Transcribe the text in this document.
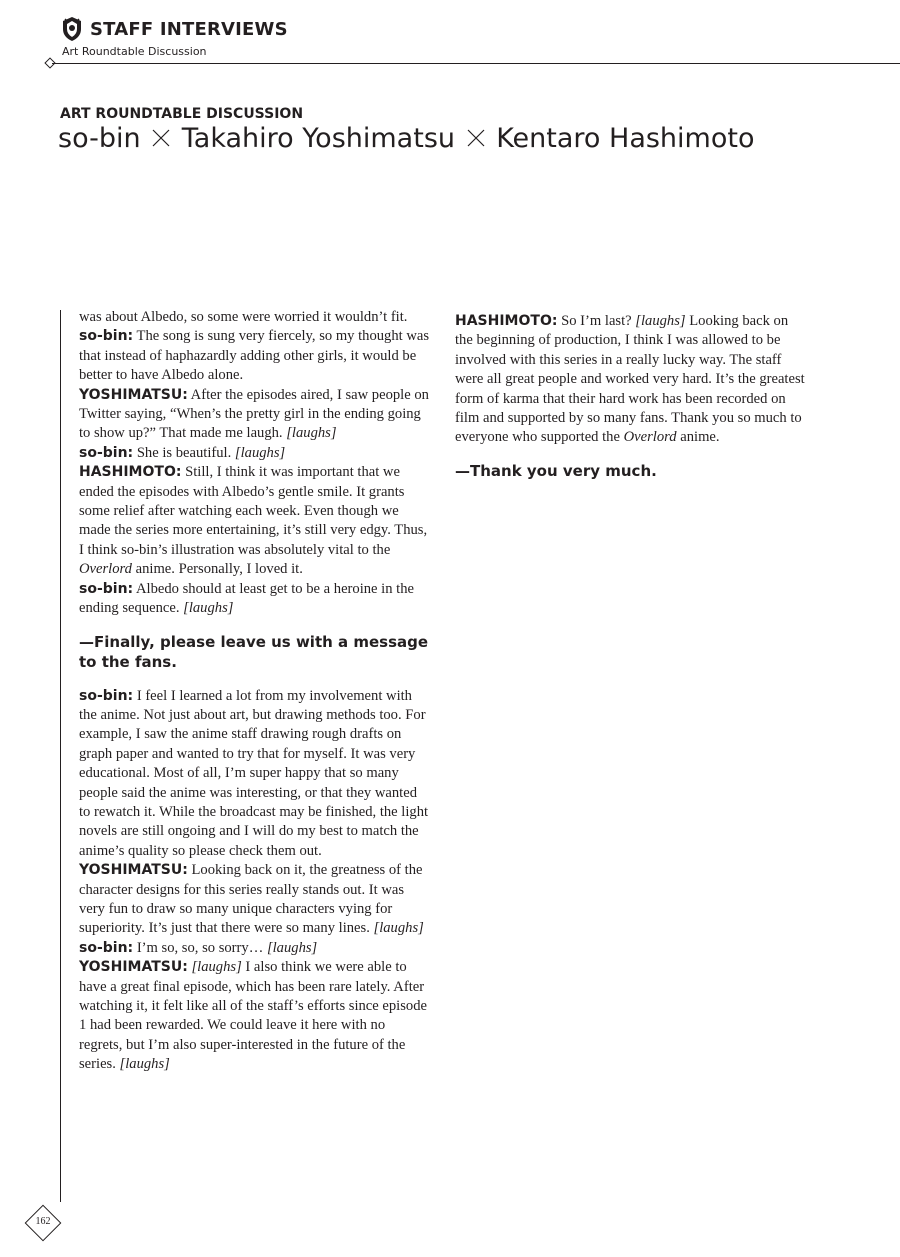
STAFF INTERVIEWS
Art Roundtable Discussion
ART ROUNDTABLE DISCUSSION
so-bin Takahiro Yoshimatsu Kentaro Hashimoto

was about Albedo, so some were worried it wouldn’t fit.

so-bin: The song is sung very fiercely, so my thought was that instead of haphazardly adding other girls, it would be better to have Albedo alone.

YOSHIMATSU: After the episodes aired, I saw people on Twitter saying, “When’s the pretty girl in the ending going to show up?” That made me laugh. [laughs]

so-bin: She is beautiful. [laughs]

HASHIMOTO: Still, I think it was important that we ended the episodes with Albedo’s gentle smile. It grants some relief after watching each week. Even though we made the series more entertaining, it’s still very edgy. Thus, I think so-bin’s illustration was absolutely vital to the Overlord anime. Personally, I loved it.

so-bin: Albedo should at least get to be a heroine in the ending sequence. [laughs]

—Finally, please leave us with a message to the fans.

so-bin: I feel I learned a lot from my involvement with the anime. Not just about art, but drawing methods too. For example, I saw the anime staff drawing rough drafts on graph paper and wanted to try that for myself. It was very educational. Most of all, I’m super happy that so many people said the anime was interesting, or that they wanted to rewatch it. While the broadcast may be finished, the light novels are still ongoing and I will do my best to match the anime’s quality so please check them out.

YOSHIMATSU: Looking back on it, the greatness of the character designs for this series really stands out. It was very fun to draw so many unique characters vying for superiority. It’s just that there were so many lines. [laughs]

so-bin: I’m so, so, so sorry… [laughs]

YOSHIMATSU: [laughs] I also think we were able to have a great final episode, which has been rare lately. After watching it, it felt like all of the staff’s efforts since episode 1 had been rewarded. We could leave it here with no regrets, but I’m also super-interested in the future of the series. [laughs]

HASHIMOTO: So I’m last? [laughs] Looking back on the beginning of production, I think I was allowed to be involved with this series in a really lucky way. The staff were all great people and worked very hard. It’s the greatest form of karma that their hard work has been recorded on film and supported by so many fans. Thank you so much to everyone who supported the Overlord anime.

—Thank you very much.
162
